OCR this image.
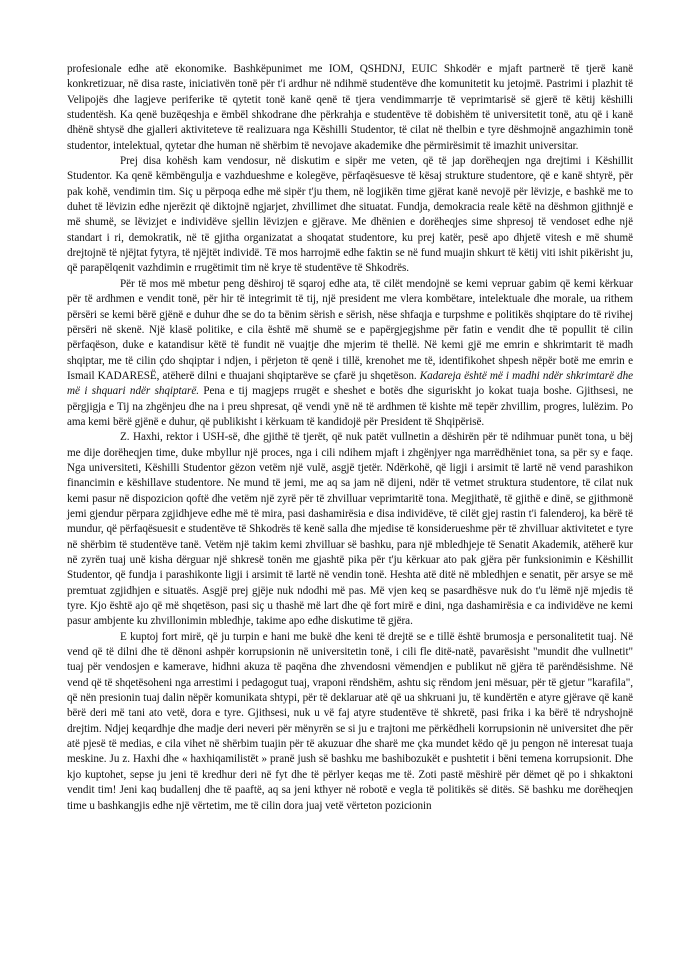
profesionale edhe atë ekonomike. Bashkëpunimet me IOM, QSHDNJ, EUIC Shkodër e mjaft partnerë të tjerë kanë konkretizuar, në disa raste, iniciativën tonë për t'i ardhur në ndihmë studentëve dhe komunitetit ku jetojmë. Pastrimi i plazhit të Velipojës dhe lagjeve periferike të qytetit tonë kanë qenë të tjera vendimmarrje të veprimtarisë së gjerë të këtij këshilli studentësh. Ka qenë buzëqeshja e ëmbël shkodrane dhe përkrahja e studentëve të dobishëm të universitetit tonë, atu që i kanë dhënë shtysë dhe gjalleri aktiviteteve të realizuara nga Këshilli Studentor, të cilat në thelbin e tyre dëshmojnë angazhimin tonë studentor, intelektual, qytetar dhe human në shërbim të nevojave akademike dhe përmirësimit të imazhit universitar.

Prej disa kohësh kam vendosur, në diskutim e sipër me veten, që të jap dorëheqjen nga drejtimi i Këshillit Studentor. Ka qenë këmbëngulja e vazhdueshme e kolegëve, përfaqësuesve të kësaj strukture studentore, që e kanë shtyrë, për pak kohë, vendimin tim. Siç u përpoqa edhe më sipër t'ju them, në logjikën time gjërat kanë nevojë për lëvizje, e bashkë me to duhet të lëvizin edhe njerëzit që diktojnë ngjarjet, zhvillimet dhe situatat. Fundja, demokracia reale këtë na dëshmon gjithnjë e më shumë, se lëvizjet e individëve sjellin lëvizjen e gjërave. Me dhënien e dorëheqjes sime shpresoj të vendoset edhe një standart i ri, demokratik, në të gjitha organizatat a shoqatat studentore, ku prej katër, pesë apo dhjetë vitesh e më shumë drejtojnë të njëjtat fytyra, të njëjtët individë. Të mos harrojmë edhe faktin se në fund muajin shkurt të këtij viti ishit pikërisht ju, që parapëlqenit vazhdimin e rrugëtimit tim në krye të studentëve të Shkodrës.

Për të mos më mbetur peng dëshiroj të sqaroj edhe ata, të cilët mendojnë se kemi vepruar gabim që kemi kërkuar për të ardhmen e vendit tonë, për hir të integrimit të tij, një president me vlera kombëtare, intelektuale dhe morale, ua rithem përsëri se kemi bërë gjënë e duhur dhe se do ta bënim sërish e sërish, nëse shfaqja e turpshme e politikës shqiptare do të rivihej përsëri në skenë. Një klasë politike, e cila është më shumë se e papërgjegjshme për fatin e vendit dhe të popullit të cilin përfaqëson, duke e katandisur këtë të fundit në vuajtje dhe mjerim të thellë. Në kemi gjë me emrin e shkrimtarit të madh shqiptar, me të cilin çdo shqiptar i ndjen, i përjeton të qenë i tillë, krenohet me të, identifikohet shpesh nëpër botë me emrin e Ismail KADARESË, atëherë dilni e thuajani shqiptarëve se çfarë ju shqetëson. Kadareja është më i madhi ndër shkrimtarë dhe më i shquari ndër shqiptarë. Pena e tij magjeps rrugët e sheshet e botës dhe siguriskht jo kokat tuaja boshe. Gjithsesi, ne përgjigja e Tij na zhgënjeu dhe na i preu shpresat, që vendi ynë në të ardhmen të kishte më tepër zhvillim, progres, lulëzim. Po ama kemi bërë gjënë e duhur, që publikisht i kërkuam të kandidojë për President të Shqipërisë.

Z. Haxhi, rektor i USH-së, dhe gjithë të tjerët, që nuk patët vullnetin a dëshirën për të ndihmuar punët tona, u bëj me dije dorëheqjen time, duke mbyllur një proces, nga i cili ndihem mjaft i zhgënjyer nga marrëdhëniet tona, sa për sy e faqe. Nga universiteti, Këshilli Studentor gëzon vetëm një vulë, asgjë tjetër. Ndërkohë, që ligji i arsimit të lartë në vend parashikon financimin e këshillave studentore. Ne mund të jemi, me aq sa jam në dijeni, ndër të vetmet struktura studentore, të cilat nuk kemi pasur në dispozicion qoftë dhe vetëm një zyrë për të zhvilluar veprimtaritë tona. Megjithatë, të gjithë e dinë, se gjithmonë jemi gjendur përpara zgjidhjeve edhe më të mira, pasi dashamirësia e disa individëve, të cilët gjej rastin t'i falenderoj, ka bërë të mundur, që përfaqësuesit e studentëve të Shkodrës të kenë salla dhe mjedise të konsiderueshme për të zhvilluar aktivitetet e tyre në shërbim të studentëve tanë. Vetëm një takim kemi zhvilluar së bashku, para një mbledhjeje të Senatit Akademik, atëherë kur në zyrën tuaj unë kisha dërguar një shkresë tonën me gjashtë pika për t'ju kërkuar ato pak gjëra për funksionimin e Këshillit Studentor, që fundja i parashikonte ligji i arsimit të lartë në vendin tonë. Heshta atë ditë në mbledhjen e senatit, për arsye se më premtuat zgjidhjen e situatës. Asgjë prej gjëje nuk ndodhi më pas. Më vjen keq se pasardhësve nuk do t'u lëmë një mjedis të tyre. Kjo është ajo që më shqetëson, pasi siç u thashë më lart dhe që fort mirë e dini, nga dashamirësia e ca individëve ne kemi pasur ambjente ku zhvillonimin mbledhje, takime apo edhe diskutime të gjëra.

E kuptoj fort mirë, që ju turpin e hani me bukë dhe keni të drejtë se e tillë është brumosja e personalitetit tuaj. Në vend që të dilni dhe të dënoni ashpër korrupsionin në universitetin tonë, i cili fle ditë-natë, pavarësisht "mundit dhe vullnetit" tuaj për vendosjen e kamerave, hidhni akuza të paqëna dhe zhvendosni vëmendjen e publikut në gjëra të parëndësishme. Në vend që të shqetësoheni nga arrestimi i pedagogut tuaj, vraponi rëndshëm, ashtu siç rëndom jeni mësuar, për të gjetur "karafila", që nën presionin tuaj dalin nëpër komunikata shtypi, për të deklaruar atë që ua shkruani ju, të kundërtën e atyre gjërave që kanë bërë deri më tani ato vetë, dora e tyre. Gjithsesi, nuk u vë faj atyre studentëve të shkretë, pasi frika i ka bërë të ndryshojnë drejtim. Ndjej keqardhje dhe madje deri neveri për mënyrën se si ju e trajtoni me përkëdheli korrupsionin në universitet dhe për atë pjesë të medias, e cila vihet në shërbim tuajin për të akuzuar dhe sharë me çka mundet këdo që ju pengon në interesat tuaja meskine. Ju z. Haxhi dhe « haxhiqamilistët » pranë jush së bashku me bashibozukët e pushtetit i bëni temena korrupsionit. Dhe kjo kuptohet, sepse ju jeni të kredhur deri në fyt dhe të përlyer keqas me të. Zoti pastë mëshirë për dëmet që po i shkaktoni vendit tim! Jeni kaq budallenj dhe të paaftë, aq sa jeni kthyer në robotë e vegla të politikës së ditës. Së bashku me dorëheqjen time u bashkangjis edhe një vërtetim, me të cilin dora juaj vetë vërteton pozicionin
